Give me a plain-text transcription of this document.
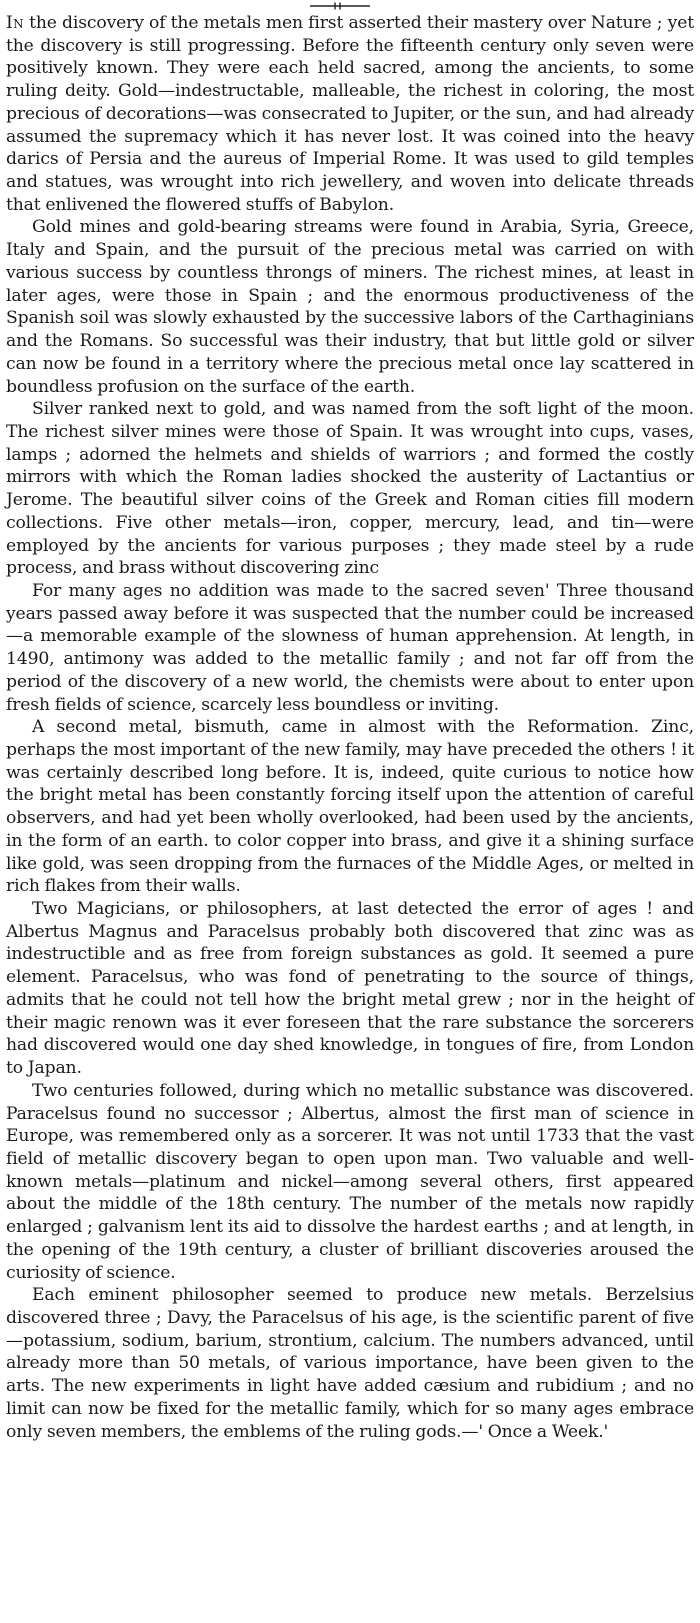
In the discovery of the metals men first asserted their mastery over Nature ; yet the discovery is still progressing. Before the fifteenth century only seven were positively known. They were each held sacred, among the ancients, to some ruling deity. Gold—indestructable, malleable, the richest in coloring, the most precious of decorations—was consecrated to Jupiter, or the sun, and had already assumed the supremacy which it has never lost. It was coined into the heavy darics of Persia and the aureus of Imperial Rome. It was used to gild temples and statues, was wrought into rich jewellery, and woven into delicate threads that enlivened the flowered stuffs of Babylon.

Gold mines and gold-bearing streams were found in Arabia, Syria, Greece, Italy and Spain, and the pursuit of the precious metal was carried on with various success by countless throngs of miners. The richest mines, at least in later ages, were those in Spain ; and the enormous productiveness of the Spanish soil was slowly exhausted by the successive labors of the Carthaginians and the Romans. So successful was their industry, that but little gold or silver can now be found in a territory where the precious metal once lay scattered in boundless profusion on the surface of the earth.

Silver ranked next to gold, and was named from the soft light of the moon. The richest silver mines were those of Spain. It was wrought into cups, vases, lamps ; adorned the helmets and shields of warriors ; and formed the costly mirrors with which the Roman ladies shocked the austerity of Lactantius or Jerome. The beautiful silver coins of the Greek and Roman cities fill modern collections. Five other metals—iron, copper, mercury, lead, and tin—were employed by the ancients for various purposes ; they made steel by a rude process, and brass without discovering zinc

For many ages no addition was made to the sacred seven' Three thousand years passed away before it was suspected that the number could be increased—a memorable example of the slowness of human apprehension. At length, in 1490, antimony was added to the metallic family ; and not far off from the period of the discovery of a new world, the chemists were about to enter upon fresh fields of science, scarcely less boundless or inviting.

A second metal, bismuth, came in almost with the Reformation. Zinc, perhaps the most important of the new family, may have preceded the others ! it was certainly described long before. It is, indeed, quite curious to notice how the bright metal has been constantly forcing itself upon the attention of careful observers, and had yet been wholly overlooked, had been used by the ancients, in the form of an earth. to color copper into brass, and give it a shining surface like gold, was seen dropping from the furnaces of the Middle Ages, or melted in rich flakes from their walls.

Two Magicians, or philosophers, at last detected the error of ages ! and Albertus Magnus and Paracelsus probably both discovered that zinc was as indestructible and as free from foreign substances as gold. It seemed a pure element. Paracelsus, who was fond of penetrating to the source of things, admits that he could not tell how the bright metal grew ; nor in the height of their magic renown was it ever foreseen that the rare substance the sorcerers had discovered would one day shed knowledge, in tongues of fire, from London to Japan.

Two centuries followed, during which no metallic substance was discovered. Paracelsus found no successor ; Albertus, almost the first man of science in Europe, was remembered only as a sorcerer. It was not until 1733 that the vast field of metallic discovery began to open upon man. Two valuable and well-known metals—platinum and nickel—among several others, first appeared about the middle of the 18th century. The number of the metals now rapidly enlarged ; galvanism lent its aid to dissolve the hardest earths ; and at length, in the opening of the 19th century, a cluster of brilliant discoveries aroused the curiosity of science.

Each eminent philosopher seemed to produce new metals. Berzelsius discovered three ; Davy, the Paracelsus of his age, is the scientific parent of five—potassium, sodium, barium, strontium, calcium. The numbers advanced, until already more than 50 metals, of various importance, have been given to the arts. The new experiments in light have added cæsium and rubidium ; and no limit can now be fixed for the metallic family, which for so many ages embrace only seven members, the emblems of the ruling gods.—' Once a Week.'
